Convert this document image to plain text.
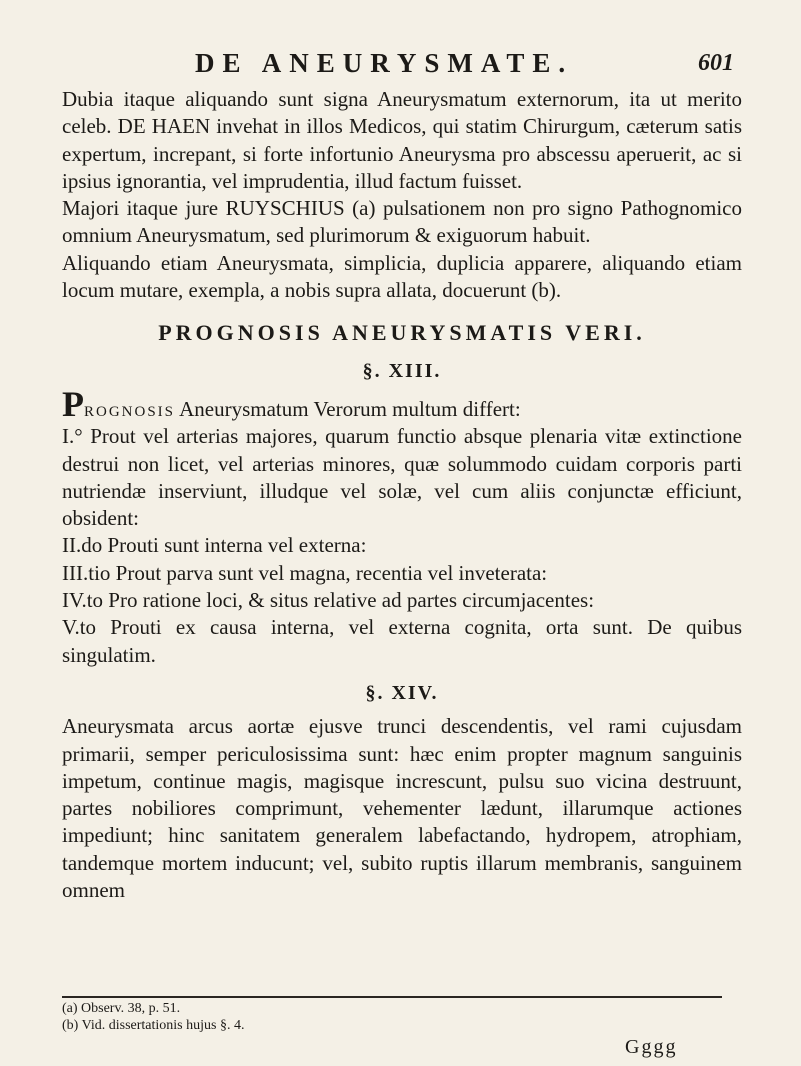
DE ANEURYSMATE.	601

Dubia itaque aliquando sunt signa Aneurysmatum externorum, ita ut merito celeb. DE HAEN invehat in illos Medicos, qui statim Chirurgum, cæterum satis expertum, increpant, si forte infortunio Aneurysma pro abscessu aperuerit, ac si ipsius ignorantia, vel imprudentia, illud factum fuisset.

Majori itaque jure RUYSCHIUS (a) pulsationem non pro signo Pathognomico omnium Aneurysmatum, sed plurimorum & exiguorum habuit.

Aliquando etiam Aneurysmata, simplicia, duplicia apparere, aliquando etiam locum mutare, exempla, a nobis supra allata, docuerunt (b).

PROGNOSIS ANEURYSMATIS VERI.
§. XIII.

Prognosis Aneurysmatum Verorum multum differt:

I.° Prout vel arterias majores, quarum functio absque plenaria vitæ extinctione destrui non licet, vel arterias minores, quæ solummodo cuidam corporis parti nutriendæ inserviunt, illudque vel solæ, vel cum aliis conjunctæ efficiunt, obsident:

II.do Prouti sunt interna vel externa:

III.tio Prout parva sunt vel magna, recentia vel inveterata:

IV.to Pro ratione loci, & situs relative ad partes circumjacentes:

V.to Prouti ex causa interna, vel externa cognita, orta sunt. De quibus singulatim.

§. XIV.

Aneurysmata arcus aortæ ejusve trunci descendentis, vel rami cujusdam primarii, semper periculosissima sunt: hæc enim propter magnum sanguinis impetum, continue magis, magisque increscunt, pulsu suo vicina destruunt, partes nobiliores comprimunt, vehementer lædunt, illarumque actiones impediunt; hinc sanitatem generalem labefactando, hydropem, atrophiam, tandemque mortem inducunt; vel, subito ruptis illarum membranis, sanguinem omnem

(a) Observ. 38, p. 51.
(b) Vid. dissertationis hujus §. 4.
Gggg
